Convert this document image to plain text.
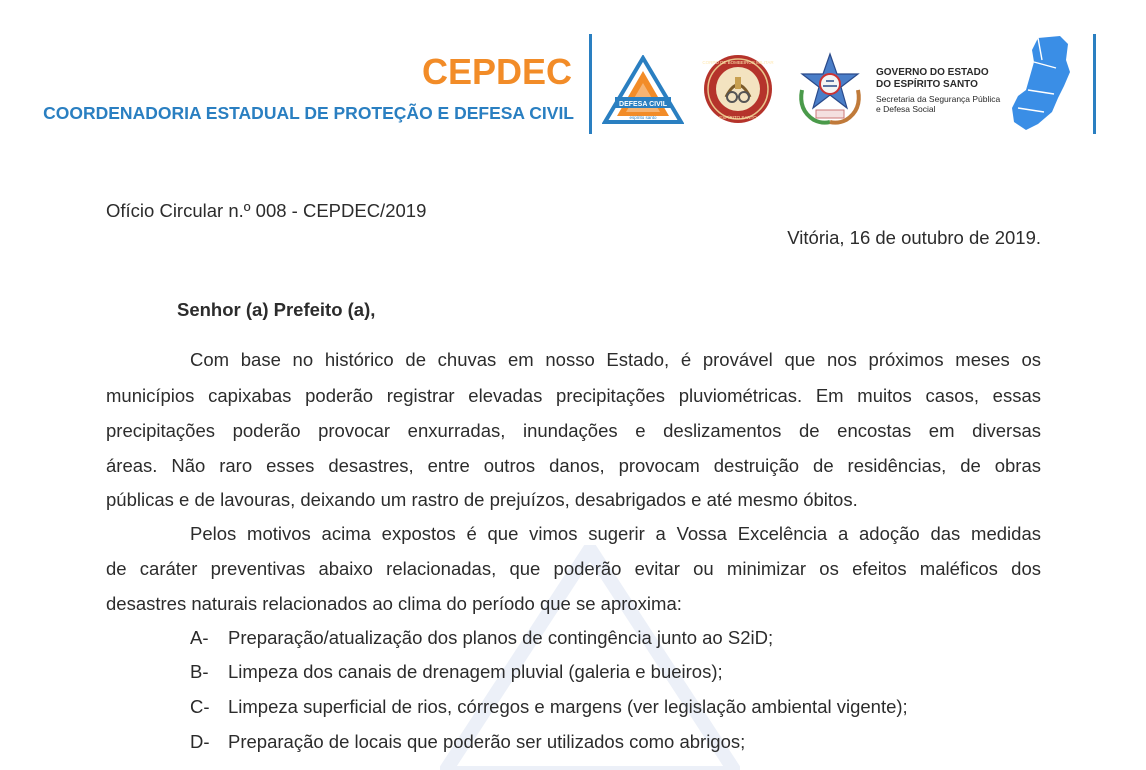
CEPDEC
COORDENADORIA ESTADUAL DE PROTEÇÃO E DEFESA CIVIL	DEFESA CIVIL
espírito santo
CORPO DE BOMBEIROS MILITAR
ESPÍRITO SANTO
GOVERNO DO ESTADO
DO ESPÍRITO SANTO
Secretaria da Segurança Pública
e Defesa Social
Ofício Circular n.º 008 - CEPDEC/2019
Vitória, 16 de outubro de 2019.
Senhor (a) Prefeito (a),
Com base no histórico de chuvas em nosso Estado, é provável que nos próximos meses os
municípios capixabas poderão registrar elevadas precipitações pluviométricas. Em muitos casos, essas
precipitações poderão provocar enxurradas, inundações e deslizamentos de encostas em diversas
áreas. Não raro esses desastres, entre outros danos, provocam destruição de residências, de obras
públicas e de lavouras, deixando um rastro de prejuízos, desabrigados e até mesmo óbitos.
Pelos motivos acima expostos é que vimos sugerir a Vossa Excelência a adoção das medidas
de caráter preventivas abaixo relacionadas, que poderão evitar ou minimizar os efeitos maléficos dos
desastres naturais relacionados ao clima do período que se aproxima:
A- Preparação/atualização dos planos de contingência junto ao S2iD;
B- Limpeza dos canais de drenagem pluvial (galeria e bueiros);
C- Limpeza superficial de rios, córregos e margens (ver legislação ambiental vigente);
D- Preparação de locais que poderão ser utilizados como abrigos;
